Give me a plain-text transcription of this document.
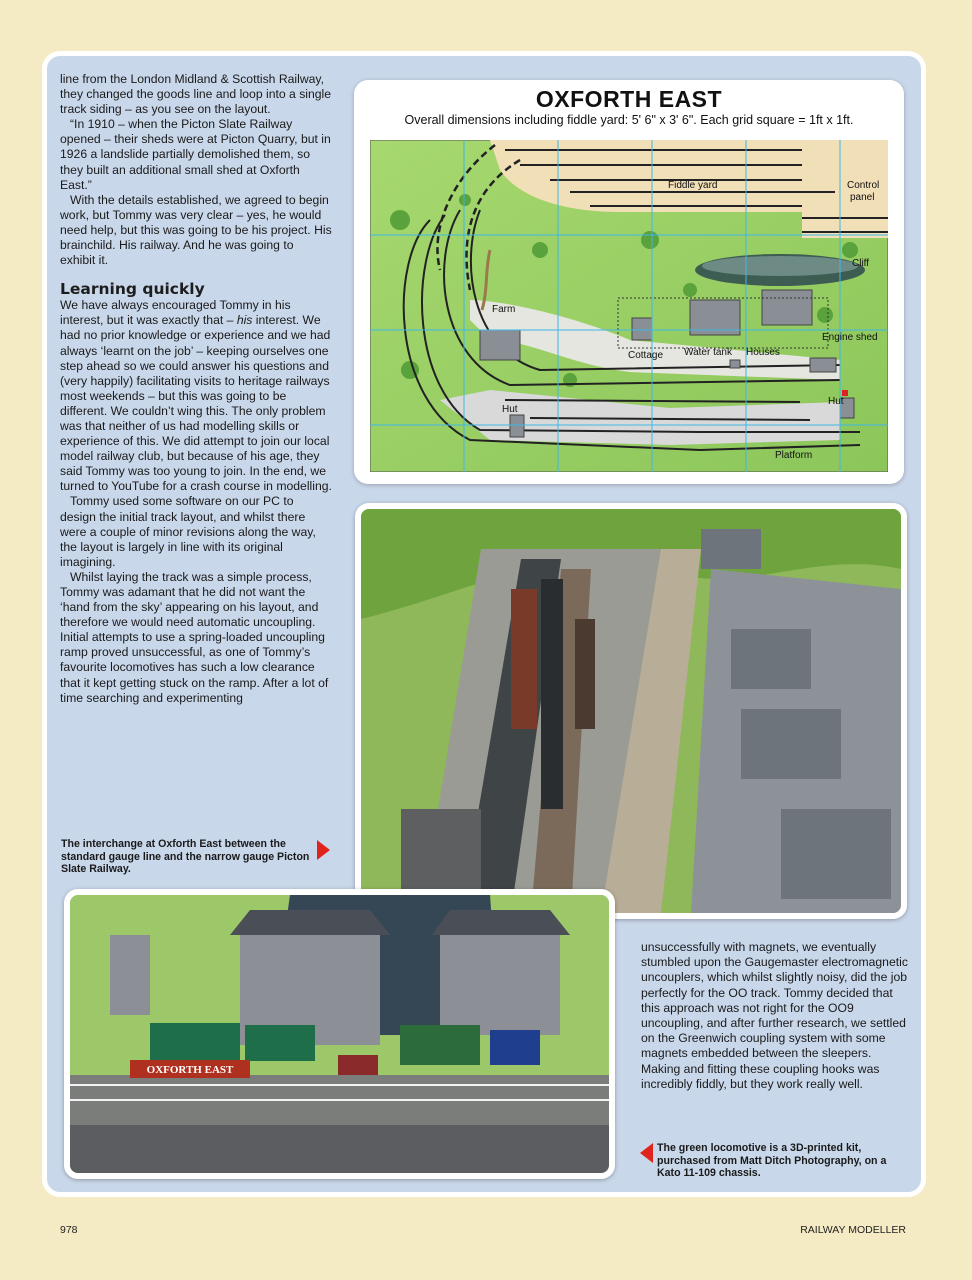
line from the London Midland & Scottish Railway, they changed the goods line and loop into a single track siding – as you see on the layout.

“In 1910 – when the Picton Slate Railway opened – their sheds were at Picton Quarry, but in 1926 a landslide partially demolished them, so they built an additional small shed at Oxforth East.”

With the details established, we agreed to begin work, but Tommy was very clear – yes, he would need help, but this was going to be his project. His brainchild. His railway. And he was going to exhibit it.

Learning quickly

We have always encouraged Tommy in his interest, but it was exactly that – his interest. We had no prior knowledge or experience and we had always ‘learnt on the job’ – keeping ourselves one step ahead so we could answer his questions and (very happily) facilitating visits to heritage railways most weekends – but this was going to be different. We couldn’t wing this. The only problem was that neither of us had modelling skills or experience of this. We did attempt to join our local model railway club, but because of his age, they said Tommy was too young to join. In the end, we turned to YouTube for a crash course in modelling.

Tommy used some software on our PC to design the initial track layout, and whilst there were a couple of minor revisions along the way, the layout is largely in line with its original imagining.

Whilst laying the track was a simple process, Tommy was adamant that he did not want the ‘hand from the sky’ appearing on his layout, and therefore we would need automatic uncoupling. Initial attempts to use a spring-loaded uncoupling ramp proved unsuccessful, as one of Tommy’s favourite locomotives has such a low clearance that it kept getting stuck on the ramp. After a lot of time searching and experimenting

The interchange at Oxforth East between the standard gauge line and the narrow gauge Picton Slate Railway.
OXFORTH EAST
Overall dimensions including fiddle yard: 5' 6" x 3' 6". Each grid square = 1ft x 1ft.
Fiddle yard	Control
panel
Cliff
Farm
Cottage Water tank Houses
Engine shed
Hut
Hut
Platform
OXFORTH EAST

unsuccessfully with magnets, we eventually stumbled upon the Gaugemaster electromagnetic uncouplers, which whilst slightly noisy, did the job perfectly for the OO track. Tommy decided that this approach was not right for the OO9 uncoupling, and after further research, we settled on the Greenwich coupling system with some magnets embedded between the sleepers. Making and fitting these coupling hooks was incredibly fiddly, but they work really well.

The green locomotive is a 3D-printed kit, purchased from Matt Ditch Photography, on a Kato 11-109 chassis.
978	RAILWAY MODELLER
